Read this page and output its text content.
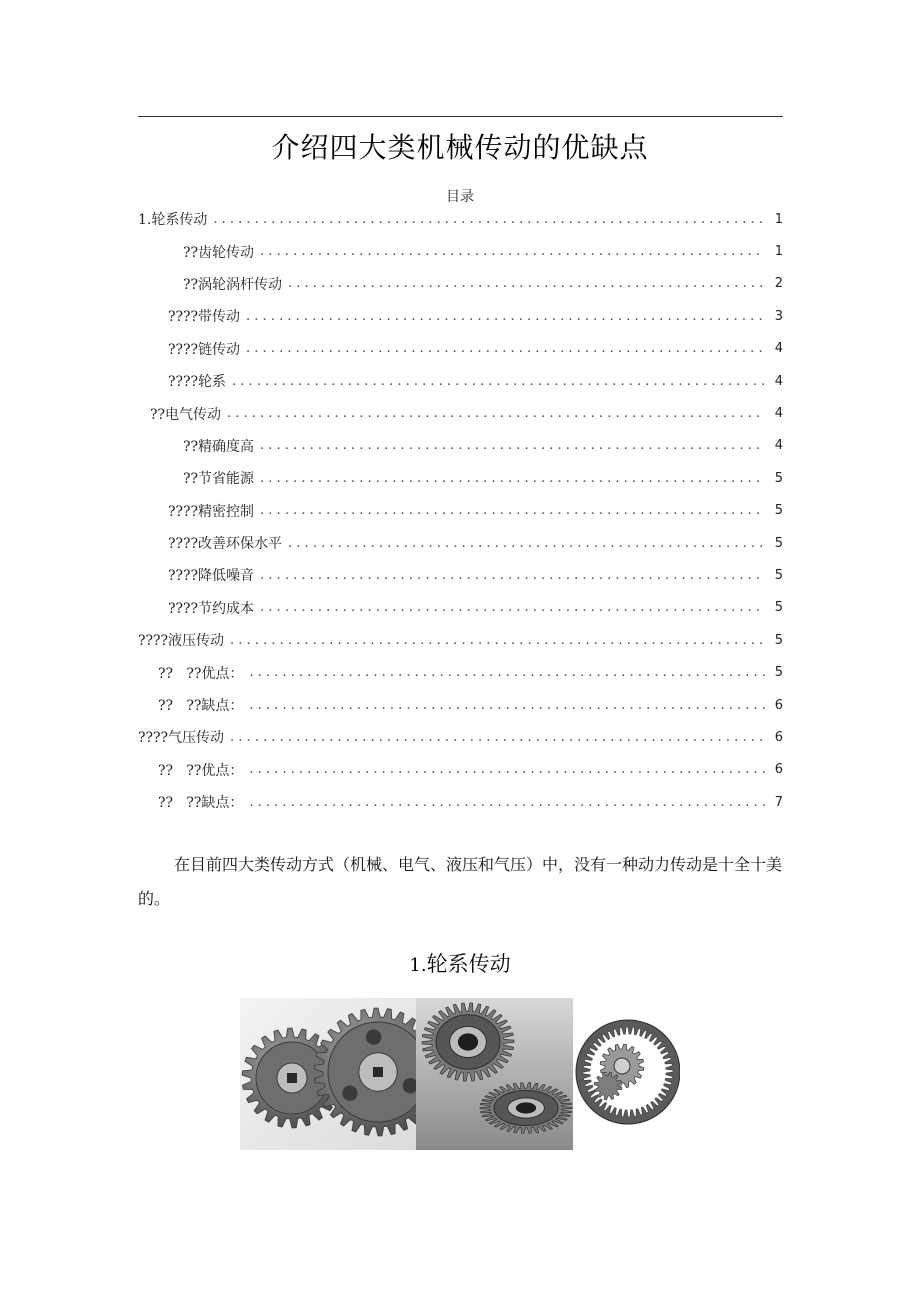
介绍四大类机械传动的优缺点
目录
1.轮系传动 . . .	1
??齿轮传动 . . .	1
??涡轮涡杆传动 . . .	2
????带传动 . . .	3
????链传动 . . .	4
????轮系 . . .	4
??电气传动 . . .	4
??精确度高 . . .	4
??节省能源 . . .	5
????精密控制 . . .	5
????改善环保水平 . . .	5
????降低噪音 . . .	5
????节约成本 . . .	5
????液压传动 . . .	5
??   ??优点： . . .	5
??   ??缺点： . . .	6
????气压传动 . . .	6
??   ??优点： . . .	6
??   ??缺点： . . .	7

在目前四大类传动方式（机械、电气、液压和气压）中，没有一种动力传动是十全十美的。

1.轮系传动
